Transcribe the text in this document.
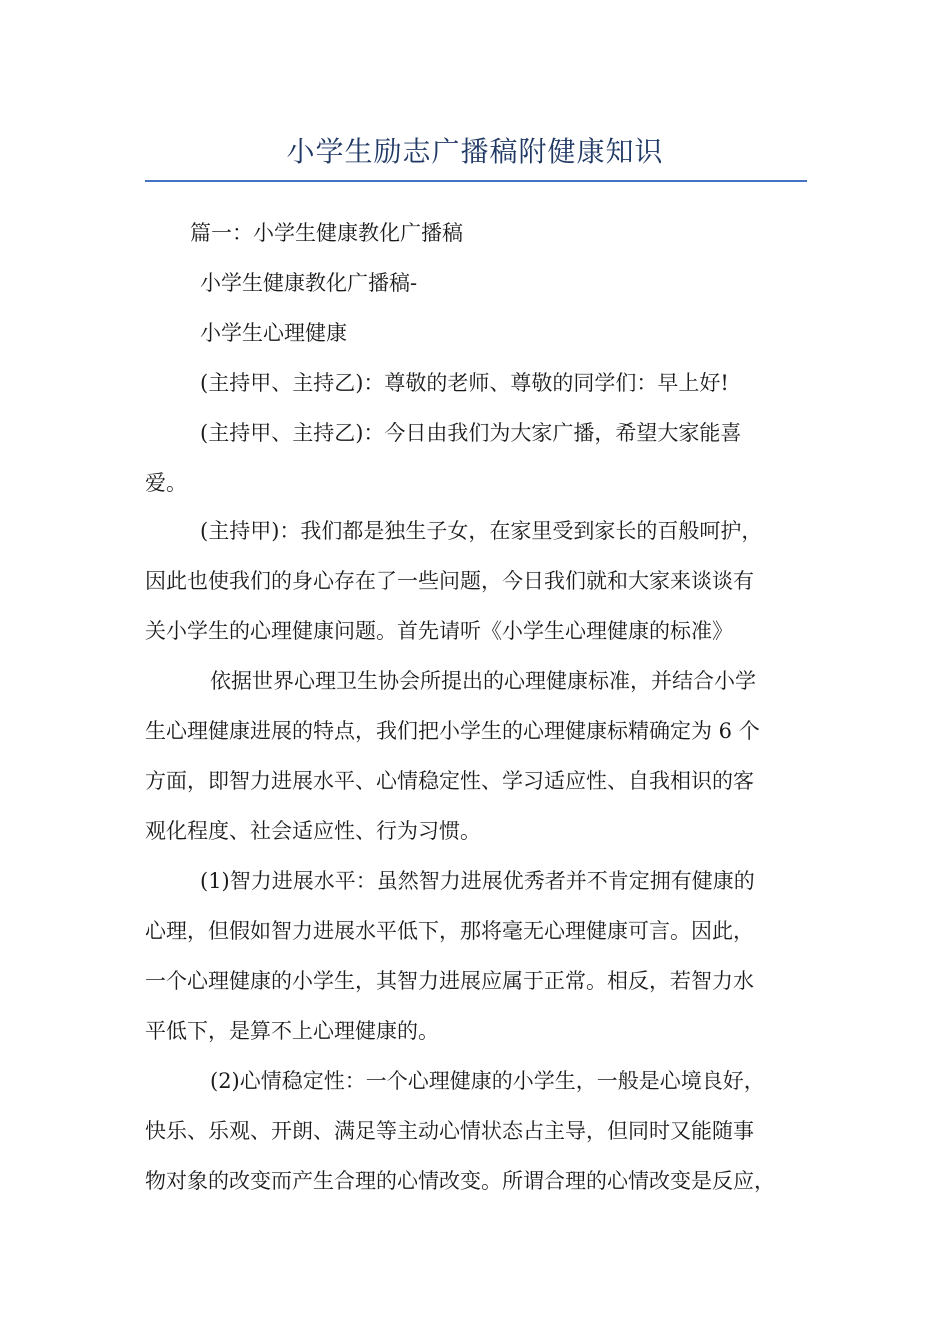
小学生励志广播稿附健康知识
篇一：小学生健康教化广播稿
小学生健康教化广播稿-
小学生心理健康
(主持甲、主持乙)：尊敬的老师、尊敬的同学们：早上好!
(主持甲、主持乙)：今日由我们为大家广播，希望大家能喜
爱。
(主持甲)：我们都是独生子女，在家里受到家长的百般呵护，
因此也使我们的身心存在了一些问题，今日我们就和大家来谈谈有
关小学生的心理健康问题。首先请听《小学生心理健康的标准》
依据世界心理卫生协会所提出的心理健康标准，并结合小学
生心理健康进展的特点，我们把小学生的心理健康标精确定为 6 个
方面，即智力进展水平、心情稳定性、学习适应性、自我相识的客
观化程度、社会适应性、行为习惯。
(1)智力进展水平：虽然智力进展优秀者并不肯定拥有健康的
心理，但假如智力进展水平低下，那将毫无心理健康可言。因此，
一个心理健康的小学生，其智力进展应属于正常。相反，若智力水
平低下，是算不上心理健康的。
(2)心情稳定性：一个心理健康的小学生，一般是心境良好，
快乐、乐观、开朗、满足等主动心情状态占主导，但同时又能随事
物对象的改变而产生合理的心情改变。所谓合理的心情改变是反应，
